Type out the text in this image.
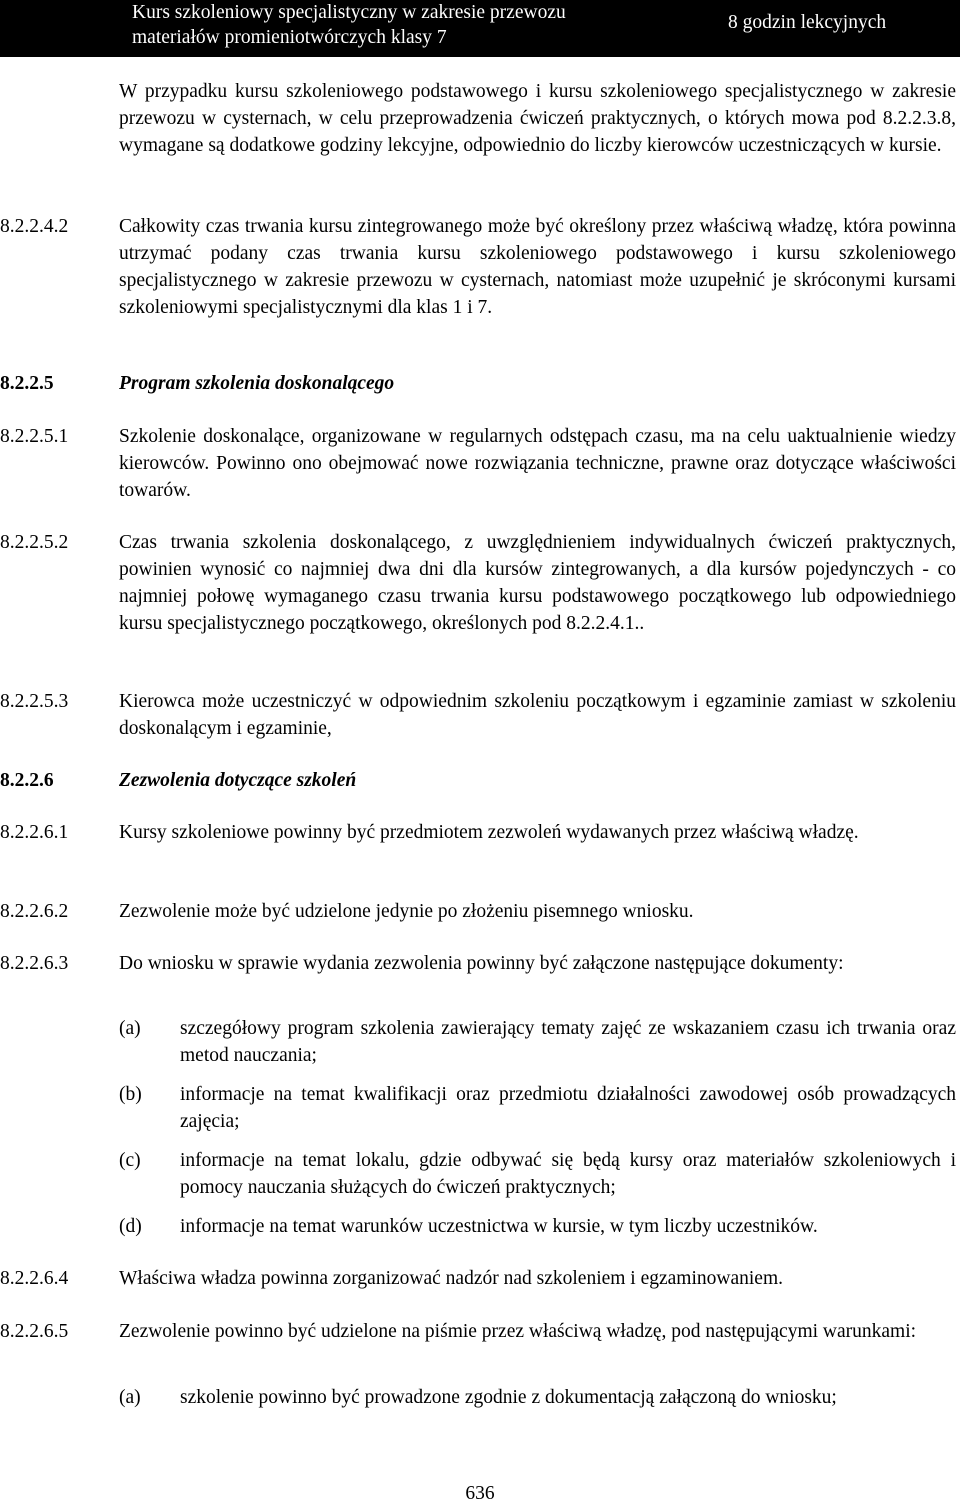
Kurs szkoleniowy specjalistyczny w zakresie przewozu
materiałów promieniotwórczych klasy 7
8 godzin lekcyjnych
W przypadku kursu szkoleniowego podstawowego i kursu szkoleniowego specjalistycznego w zakresie przewozu w cysternach, w celu przeprowadzenia ćwiczeń praktycznych, o których mowa pod 8.2.2.3.8, wymagane są dodatkowe godziny lekcyjne, odpowiednio do liczby kierowców uczestniczących w kursie.
8.2.2.4.2	Całkowity czas trwania kursu zintegrowanego może być określony przez właściwą władzę, która powinna utrzymać podany czas trwania kursu szkoleniowego podstawowego i kursu szkoleniowego specjalistycznego w zakresie przewozu w cysternach, natomiast może uzupełnić je skróconymi kursami szkoleniowymi specjalistycznymi dla klas 1 i 7.
8.2.2.5	Program szkolenia doskonalącego
8.2.2.5.1	Szkolenie doskonalące, organizowane w regularnych odstępach czasu, ma na celu uaktualnienie wiedzy kierowców. Powinno ono obejmować nowe rozwiązania techniczne, prawne oraz dotyczące właściwości towarów.
8.2.2.5.2	Czas trwania szkolenia doskonalącego, z uwzględnieniem indywidualnych ćwiczeń praktycznych, powinien wynosić co najmniej dwa dni dla kursów zintegrowanych, a dla kursów pojedynczych - co najmniej połowę wymaganego czasu trwania kursu podstawowego początkowego lub odpowiedniego kursu specjalistycznego początkowego, określonych pod 8.2.2.4.1..
8.2.2.5.3	Kierowca może uczestniczyć w odpowiednim szkoleniu początkowym i egzaminie zamiast w szkoleniu doskonalącym i egzaminie,
8.2.2.6	Zezwolenia dotyczące szkoleń
8.2.2.6.1	Kursy szkoleniowe powinny być przedmiotem zezwoleń wydawanych przez właściwą władzę.
8.2.2.6.2	Zezwolenie może być udzielone jedynie po złożeniu pisemnego wniosku.
8.2.2.6.3	Do wniosku w sprawie wydania zezwolenia powinny być załączone następujące dokumenty:
(a) szczegółowy program szkolenia zawierający tematy zajęć ze wskazaniem czasu ich trwania oraz metod nauczania;
(b) informacje na temat kwalifikacji oraz przedmiotu działalności zawodowej osób prowadzących zajęcia;
(c) informacje na temat lokalu, gdzie odbywać się będą kursy oraz materiałów szkoleniowych i pomocy nauczania służących do ćwiczeń praktycznych;
(d) informacje na temat warunków uczestnictwa w kursie, w tym liczby uczestników.
8.2.2.6.4	Właściwa władza powinna zorganizować nadzór nad szkoleniem i egzaminowaniem.
8.2.2.6.5	Zezwolenie powinno być udzielone na piśmie przez właściwą władzę, pod następującymi warunkami:
(a) szkolenie powinno być prowadzone zgodnie z dokumentacją załączoną do wniosku;
636
